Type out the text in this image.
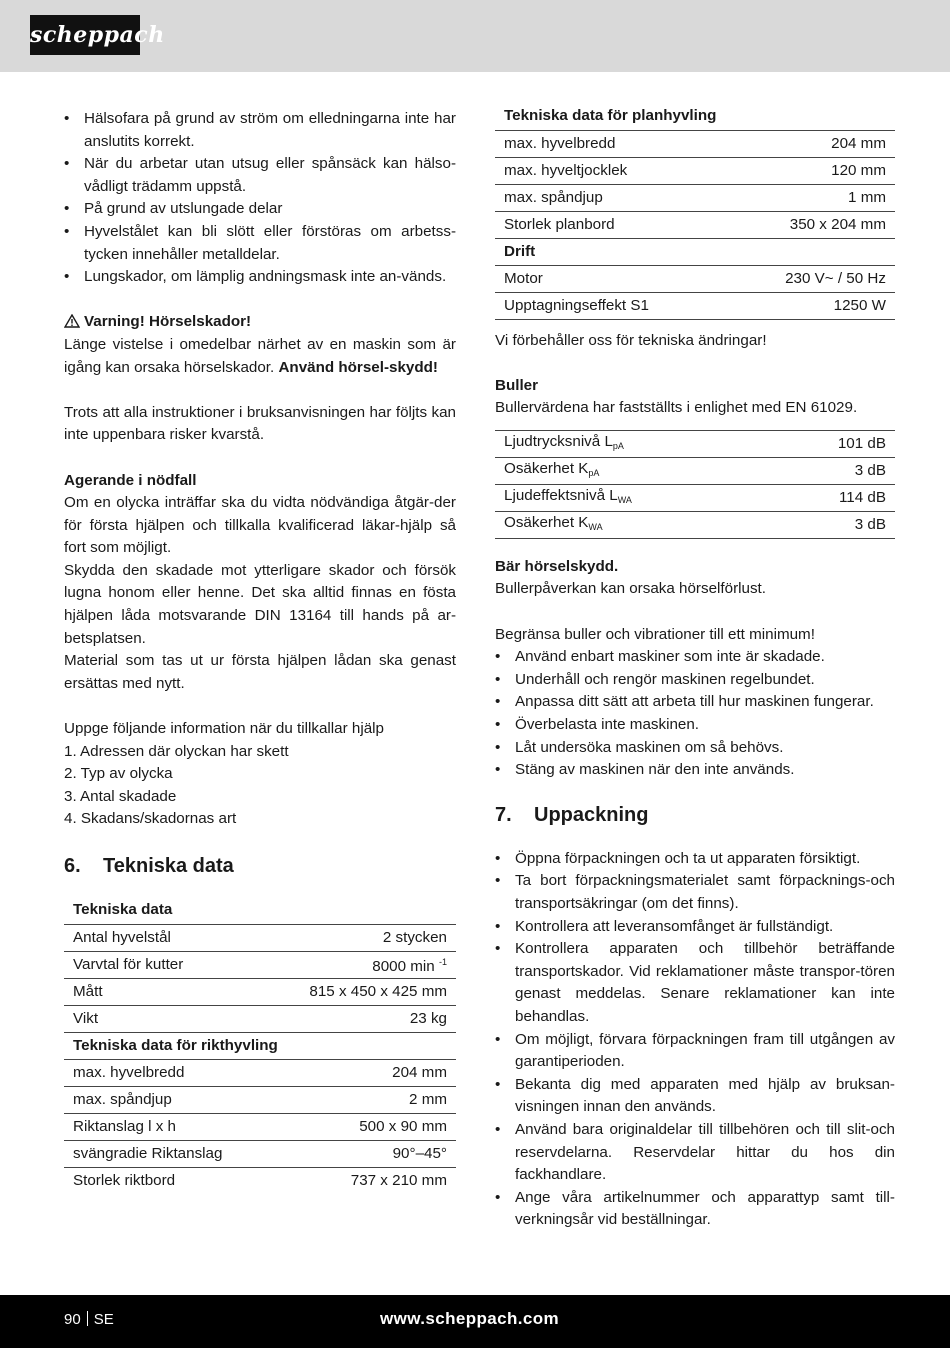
scheppach
• Hälsofara på grund av ström om elledningarna inte har anslutits korrekt.
• När du arbetar utan utsug eller spånsäck kan hälso-vådligt trädamm uppstå.
• På grund av utslungade delar
• Hyvelstålet kan bli slött eller förstöras om arbetss-tycken innehåller metalldelar.
• Lungskador, om lämplig andningsmask inte an-vänds.
Varning! Hörselskador!

Länge vistelse i omedelbar närhet av en maskin som är igång kan orsaka hörselskador. Använd hörsel-skydd!

Trots att alla instruktioner i bruksanvisningen har följts kan inte uppenbara risker kvarstå.

Agerande i nödfall

Om en olycka inträffar ska du vidta nödvändiga åtgär-der för första hjälpen och tillkalla kvalificerad läkar-hjälp så fort som möjligt.

Skydda den skadade mot ytterligare skador och försök lugna honom eller henne. Det ska alltid finnas en fösta hjälpen låda motsvarande DIN 13164 till hands på ar-betsplatsen.

Material som tas ut ur första hjälpen lådan ska genast ersättas med nytt.

Uppge följande information när du tillkallar hjälp

1. Adressen där olyckan har skett
2. Typ av olycka
3. Antal skadade
4. Skadans/skadornas art
6. Tekniska data
Tekniska data	
Antal hyvelstål	2 stycken
Varvtal för kutter	8000 min $^{-1}$
Mått	815 x 450 x 425 mm
Vikt	23 kg
Tekniska data för rikthyvling	
max. hyvelbredd	204 mm
max. spåndjup	2 mm
Riktanslag l x h	500 x 90 mm
svängradie Riktanslag	90°–45°
Storlek riktbord	737 x 210 mm
Tekniska data för planhyvling	
max. hyvelbredd	204 mm
max. hyveltjocklek	120 mm
max. spåndjup	1 mm
Storlek planbord	350 x 204 mm
Drift	
Motor	230 V~ / 50 Hz
Upptagningseffekt S1	1250 W

Vi förbehåller oss för tekniska ändringar!

Buller

Bullervärdena har fastställts i enlighet med EN 61029.

Ljudtrycksnivå $L_{pA}$	101 dB
Osäkerhet $K_{pA}$	3 dB
Ljudeffektsnivå $L_{WA}$	114 dB
Osäkerhet $K_{WA}$	3 dB
Bär hörselskydd.

Bullerpåverkan kan orsaka hörselförlust.

Begränsa buller och vibrationer till ett minimum!

• Använd enbart maskiner som inte är skadade.
• Underhåll och rengör maskinen regelbundet.
• Anpassa ditt sätt att arbeta till hur maskinen fungerar.
• Överbelasta inte maskinen.
• Låt undersöka maskinen om så behövs.
• Stäng av maskinen när den inte används.
7. Uppackning
• Öppna förpackningen och ta ut apparaten försiktigt.
• Ta bort förpackningsmaterialet samt förpacknings-och transportsäkringar (om det finns).
• Kontrollera att leveransomfånget är fullständigt.
• Kontrollera apparaten och tillbehör beträffande transportskador. Vid reklamationer måste transpor-tören genast meddelas. Senare reklamationer kan inte behandlas.
• Om möjligt, förvara förpackningen fram till utgången av garantiperioden.
• Bekanta dig med apparaten med hjälp av bruksan-visningen innan den används.
• Använd bara originaldelar till tillbehören och till slit-och reservdelarna. Reservdelar hittar du hos din fackhandlare.
• Ange våra artikelnummer och apparattyp samt till-verkningsår vid beställningar.
90 SE	www.scheppach.com
